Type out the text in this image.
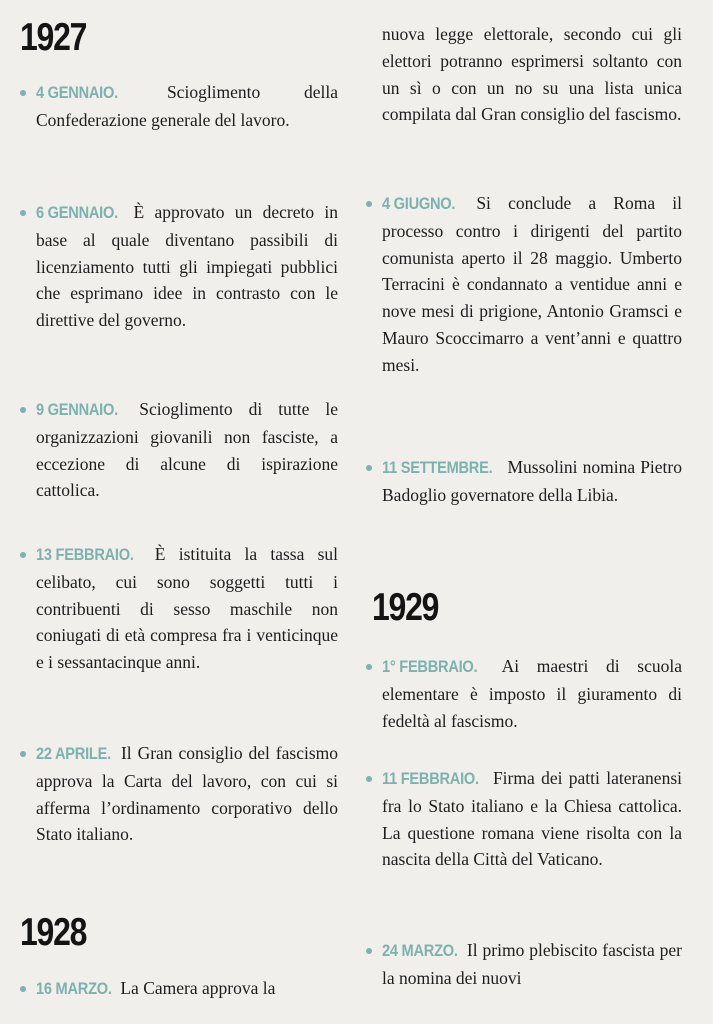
1927
4 GENNAIO.	Scioglimento della Confederazione generale del lavoro.
6 GENNAIO. È approvato un decreto in base al quale diventano passibili di licenziamento tutti gli impiegati pubblici che esprimano idee in contrasto con le direttive del governo.
9 GENNAIO. Scioglimento di tutte le organizzazioni giovanili non fasciste, a eccezione di alcune di ispirazione cattolica.
13 FEBBRAIO. È istituita la tassa sul celibato, cui sono soggetti tutti i contribuenti di sesso maschile non coniugati di età compresa fra i venticinque e i sessantacinque anni.
22 APRILE. Il Gran consiglio del fascismo approva la Carta del lavoro, con cui si afferma l’ordinamento corporativo dello Stato italiano.
1928
16 MARZO. La Camera approva la
nuova legge elettorale, secondo cui gli elettori potranno esprimersi soltanto con un sì o con un no su una lista unica compilata dal Gran consiglio del fascismo.
4 GIUGNO. Si conclude a Roma il processo contro i dirigenti del partito comunista aperto il 28 maggio. Umberto Terracini è condannato a ventidue anni e nove mesi di prigione, Antonio Gramsci e Mauro Scoccimarro a vent’anni e quattro mesi.
11 SETTEMBRE. Mussolini nomina Pietro Badoglio governatore della Libia.
1929
1° FEBBRAIO. Ai maestri di scuola elementare è imposto il giuramento di fedeltà al fascismo.
11 FEBBRAIO. Firma dei patti lateranensi fra lo Stato italiano e la Chiesa cattolica. La questione romana viene risolta con la nascita della Città del Vaticano.
24 MARZO. Il primo plebiscito fascista per la nomina dei nuovi
